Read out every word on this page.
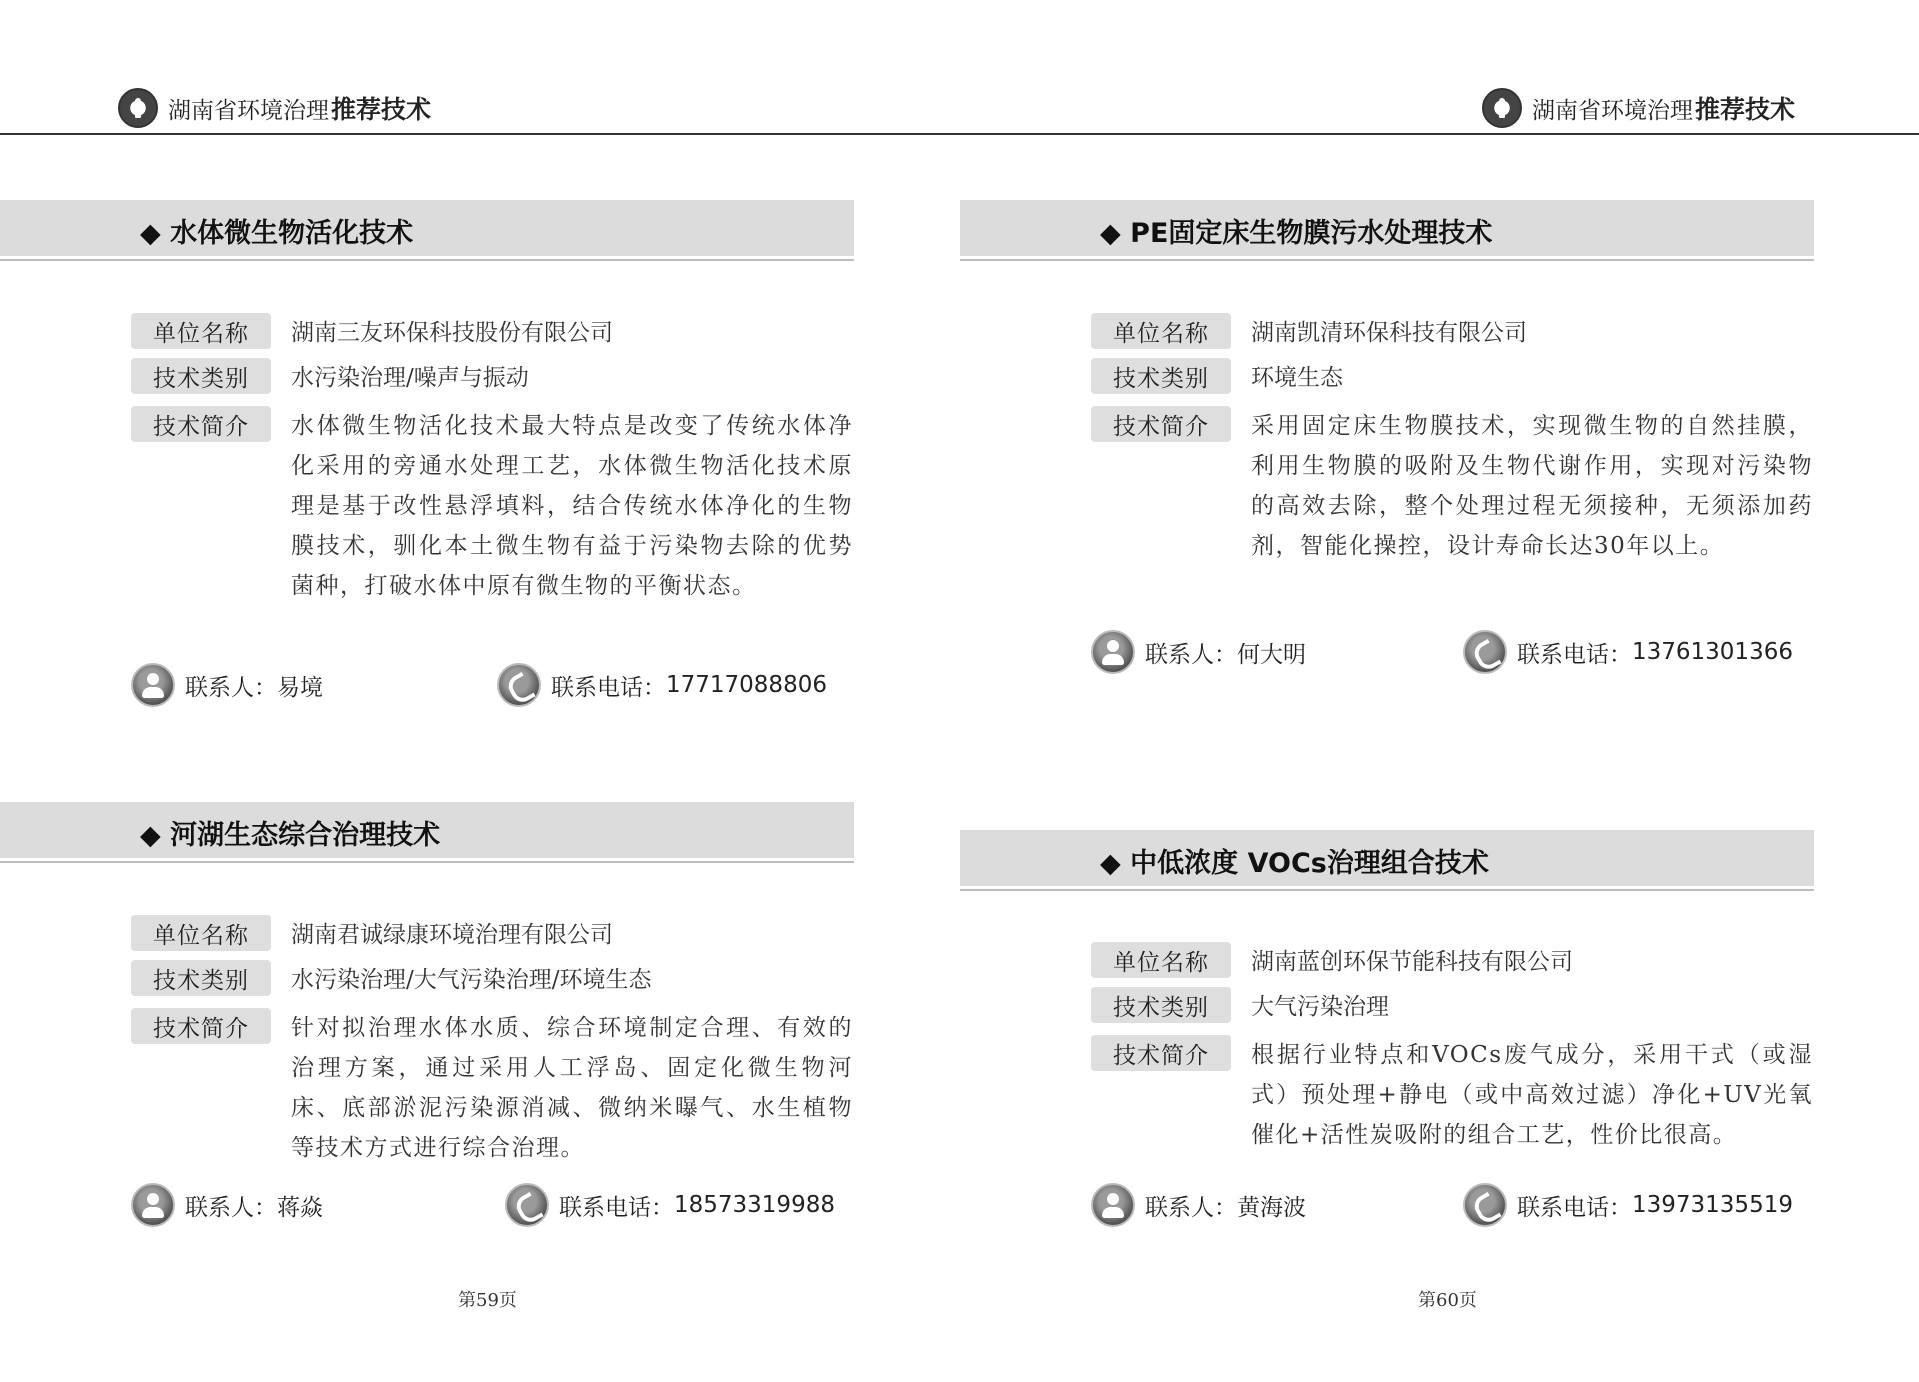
湖南省环境治理 推荐技术	湖南省环境治理 推荐技术
◆ 水体微生物活化技术
单位名称	湖南三友环保科技股份有限公司
技术类别	水污染治理/噪声与振动
技术简介	水体微生物活化技术最大特点是改变了传统水体净化采用的旁通水处理工艺，水体微生物活化技术原理是基于改性悬浮填料，结合传统水体净化的生物膜技术，驯化本土微生物有益于污染物去除的优势菌种，打破水体中原有微生物的平衡状态。
联系人： 易境	联系电话： 17717088806
◆ 河湖生态综合治理技术
单位名称	湖南君诚绿康环境治理有限公司
技术类别	水污染治理/大气污染治理/环境生态
技术简介	针对拟治理水体水质、综合环境制定合理、有效的治理方案，通过采用人工浮岛、固定化微生物河床、底部淤泥污染源消减、微纳米曝气、水生植物等技术方式进行综合治理。
联系人： 蒋焱	联系电话： 18573319988
◆ PE固定床生物膜污水处理技术
单位名称	湖南凯清环保科技有限公司
技术类别	环境生态
技术简介	采用固定床生物膜技术，实现微生物的自然挂膜，利用生物膜的吸附及生物代谢作用，实现对污染物的高效去除，整个处理过程无须接种，无须添加药剂，智能化操控，设计寿命长达30年以上。
联系人： 何大明	联系电话： 13761301366
◆ 中低浓度 VOCs治理组合技术
单位名称	湖南蓝创环保节能科技有限公司
技术类别	大气污染治理
技术简介	根据行业特点和VOCs废气成分，采用干式（或湿式）预处理+静电（或中高效过滤）净化+UV光氧催化+活性炭吸附的组合工艺，性价比很高。
联系人： 黄海波	联系电话： 13973135519
第59页	第60页
